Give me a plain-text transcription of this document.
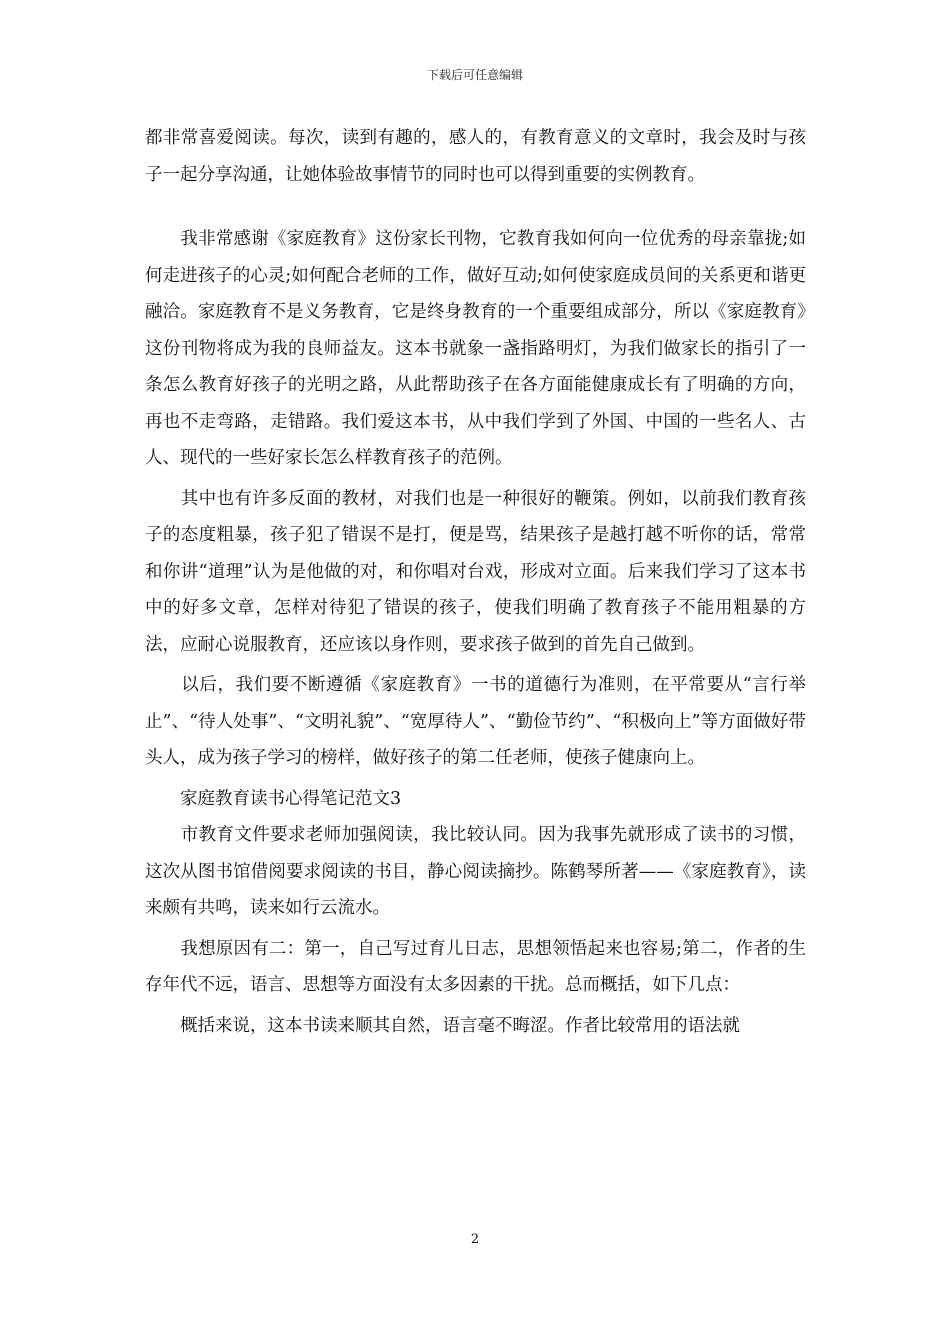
下载后可任意编辑

都非常喜爱阅读。每次，读到有趣的，感人的，有教育意义的文章时，我会及时与孩子一起分享沟通，让她体验故事情节的同时也可以得到重要的实例教育。

　　我非常感谢《家庭教育》这份家长刊物，它教育我如何向一位优秀的母亲靠拢;如何走进孩子的心灵;如何配合老师的工作，做好互动;如何使家庭成员间的关系更和谐更融洽。家庭教育不是义务教育，它是终身教育的一个重要组成部分，所以《家庭教育》这份刊物将成为我的良师益友。这本书就象一盏指路明灯，为我们做家长的指引了一条怎么教育好孩子的光明之路，从此帮助孩子在各方面能健康成长有了明确的方向，再也不走弯路，走错路。我们爱这本书，从中我们学到了外国、中国的一些名人、古人、现代的一些好家长怎么样教育孩子的范例。

　　其中也有许多反面的教材，对我们也是一种很好的鞭策。例如，以前我们教育孩子的态度粗暴，孩子犯了错误不是打，便是骂，结果孩子是越打越不听你的话，常常和你讲“道理”认为是他做的对，和你唱对台戏，形成对立面。后来我们学习了这本书中的好多文章，怎样对待犯了错误的孩子，使我们明确了教育孩子不能用粗暴的方法，应耐心说服教育，还应该以身作则，要求孩子做到的首先自己做到。

　　以后，我们要不断遵循《家庭教育》一书的道德行为准则，在平常要从“言行举止”、“待人处事”、“文明礼貌”、“宽厚待人”、“勤俭节约”、“积极向上”等方面做好带头人，成为孩子学习的榜样，做好孩子的第二任老师，使孩子健康向上。

　　家庭教育读书心得笔记范文3

　　市教育文件要求老师加强阅读，我比较认同。因为我事先就形成了读书的习惯，这次从图书馆借阅要求阅读的书目，静心阅读摘抄。陈鹤琴所著——《家庭教育》，读来颇有共鸣，读来如行云流水。

　　我想原因有二：第一，自己写过育儿日志，思想领悟起来也容易;第二，作者的生存年代不远，语言、思想等方面没有太多因素的干扰。总而概括，如下几点：

　　概括来说，这本书读来顺其自然，语言毫不晦涩。作者比较常用的语法就

2
